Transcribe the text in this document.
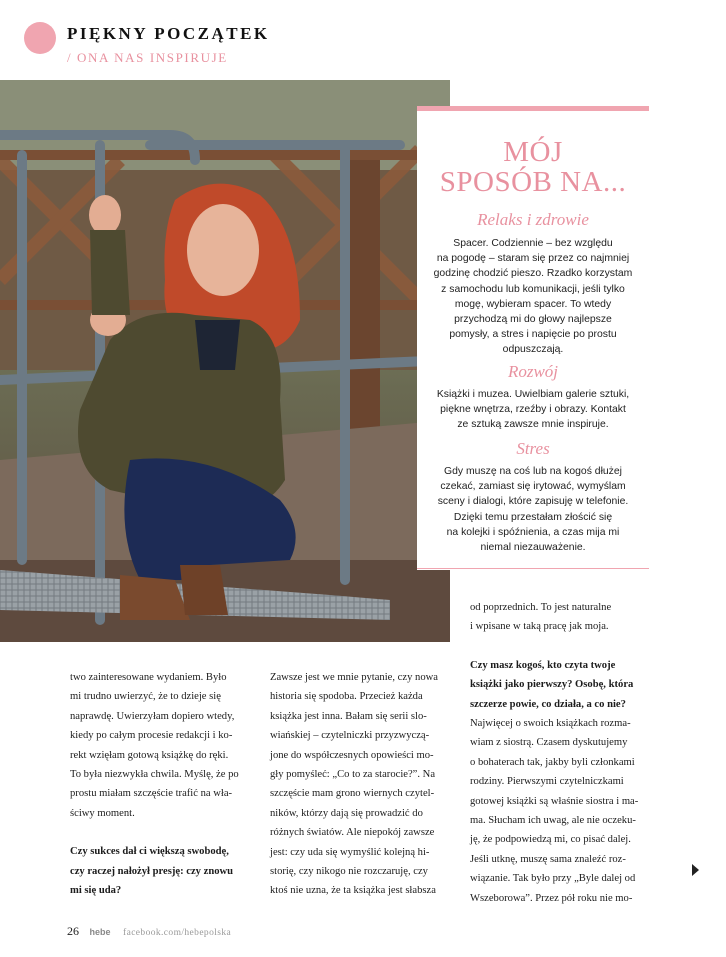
PIĘKNY POCZĄTEK
/ ONA NAS INSPIRUJE
MÓJ
SPOSÓB NA...
Relaks i zdrowie
Spacer. Codziennie – bez względu
na pogodę – staram się przez co najmniej
godzinę chodzić pieszo. Rzadko korzystam
z samochodu lub komunikacji, jeśli tylko
mogę, wybieram spacer. To wtedy
przychodzą mi do głowy najlepsze
pomysły, a stres i napięcie po prostu
odpuszczają.
Rozwój
Książki i muzea. Uwielbiam galerie sztuki,
piękne wnętrza, rzeźby i obrazy. Kontakt
ze sztuką zawsze mnie inspiruje.
Stres
Gdy muszę na coś lub na kogoś dłużej
czekać, zamiast się irytować, wymyślam
sceny i dialogi, które zapisuję w telefonie.
Dzięki temu przestałam złościć się
na kolejki i spóźnienia, a czas mija mi
niemal niezauważenie.

od poprzednich. To jest naturalne
i wpisane w taką pracę jak moja.

Czy masz kogoś, kto czyta twoje
książki jako pierwszy? Osobę, która
szczerze powie, co działa, a co nie?

Najwięcej o swoich książkach rozma-
wiam z siostrą. Czasem dyskutujemy
o bohaterach tak, jakby byli członkami
rodziny. Pierwszymi czytelniczkami
gotowej książki są właśnie siostra i ma-
ma. Słucham ich uwag, ale nie oczeku-
ję, że podpowiedzą mi, co pisać dalej.
Jeśli utknę, muszę sama znaleźć roz-
wiązanie. Tak było przy „Byle dalej od
Wszeborowa”. Przez pół roku nie mo-

two zainteresowane wydaniem. Było
mi trudno uwierzyć, że to dzieje się
naprawdę. Uwierzyłam dopiero wtedy,
kiedy po całym procesie redakcji i ko-
rekt wzięłam gotową książkę do ręki.
To była niezwykła chwila. Myślę, że po
prostu miałam szczęście trafić na wła-
ściwy moment.

Czy sukces dał ci większą swobodę,
czy raczej nałożył presję: czy znowu
mi się uda?

Zawsze jest we mnie pytanie, czy nowa
historia się spodoba. Przecież każda
książka jest inna. Bałam się serii slo-
wiańskiej – czytelniczki przyzwyczą-
jone do współczesnych opowieści mo-
gły pomyśleć: „Co to za starocie?”. Na
szczęście mam grono wiernych czytel-
ników, którzy dają się prowadzić do
różnych światów. Ale niepokój zawsze
jest: czy uda się wymyślić kolejną hi-
storię, czy nikogo nie rozczaruję, czy
ktoś nie uzna, że ta książka jest słabsza

26 hebe facebook.com/hebepolska
